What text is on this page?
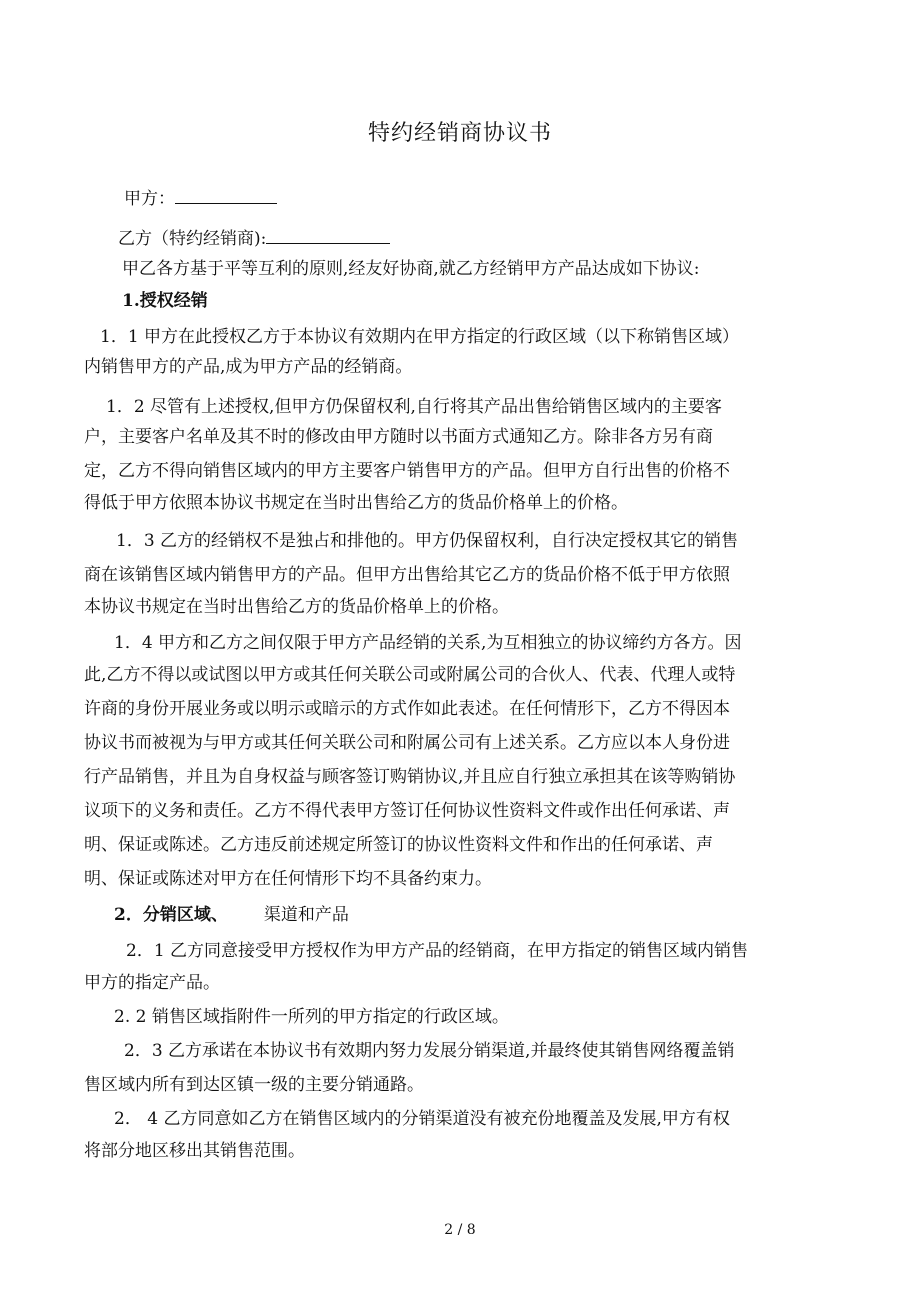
特约经销商协议书
甲方：
乙方（特约经销商):
甲乙各方基于平等互利的原则,经友好协商,就乙方经销甲方产品达成如下协议:
1.授权经销
1．1 甲方在此授权乙方于本协议有效期内在甲方指定的行政区域（以下称销售区域）
内销售甲方的产品,成为甲方产品的经销商。
1．2 尽管有上述授权,但甲方仍保留权利,自行将其产品出售给销售区域内的主要客
户，主要客户名单及其不时的修改由甲方随时以书面方式通知乙方。除非各方另有商
定，乙方不得向销售区域内的甲方主要客户销售甲方的产品。但甲方自行出售的价格不
得低于甲方依照本协议书规定在当时出售给乙方的货品价格单上的价格。
1．3 乙方的经销权不是独占和排他的。甲方仍保留权利，自行决定授权其它的销售
商在该销售区域内销售甲方的产品。但甲方出售给其它乙方的货品价格不低于甲方依照
本协议书规定在当时出售给乙方的货品价格单上的价格。
1．4 甲方和乙方之间仅限于甲方产品经销的关系,为互相独立的协议缔约方各方。因
此,乙方不得以或试图以甲方或其任何关联公司或附属公司的合伙人、代表、代理人或特
许商的身份开展业务或以明示或暗示的方式作如此表述。在任何情形下，乙方不得因本
协议书而被视为与甲方或其任何关联公司和附属公司有上述关系。乙方应以本人身份进
行产品销售，并且为自身权益与顾客签订购销协议,并且应自行独立承担其在该等购销协
议项下的义务和责任。乙方不得代表甲方签订任何协议性资料文件或作出任何承诺、声
明、保证或陈述。乙方违反前述规定所签订的协议性资料文件和作出的任何承诺、声
明、保证或陈述对甲方在任何情形下均不具备约束力。
2．分销区域、 渠道和产品
2．1 乙方同意接受甲方授权作为甲方产品的经销商，在甲方指定的销售区域内销售
甲方的指定产品。
2. 2 销售区域指附件一所列的甲方指定的行政区域。
2．3 乙方承诺在本协议书有效期内努力发展分销渠道,并最终使其销售网络覆盖销
售区域内所有到达区镇一级的主要分销通路。
2． 4 乙方同意如乙方在销售区域内的分销渠道没有被充份地覆盖及发展,甲方有权
将部分地区移出其销售范围。
2 / 8
